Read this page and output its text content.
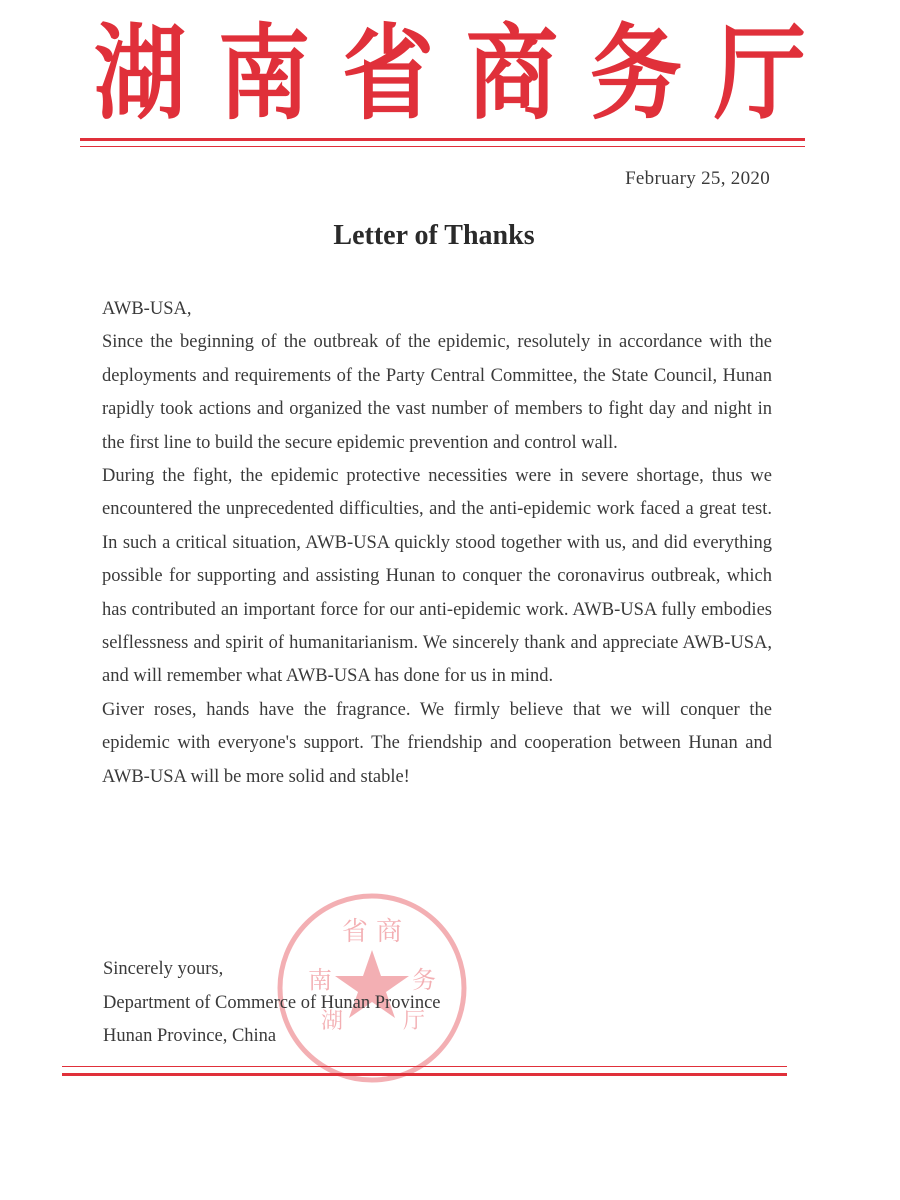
湖 南 省 商 务 厅
February 25, 2020
Letter of Thanks

AWB-USA,

Since the beginning of the outbreak of the epidemic, resolutely in accordance with the deployments and requirements of the Party Central Committee, the State Council, Hunan rapidly took actions and organized the vast number of members to fight day and night in the first line to build the secure epidemic prevention and control wall.

During the fight, the epidemic protective necessities were in severe shortage, thus we encountered the unprecedented difficulties, and the anti-epidemic work faced a great test. In such a critical situation, AWB-USA quickly stood together with us, and did everything possible for supporting and assisting Hunan to conquer the coronavirus outbreak, which has contributed an important force for our anti-epidemic work. AWB-USA fully embodies selflessness and spirit of humanitarianism. We sincerely thank and appreciate AWB-USA, and will remember what AWB-USA has done for us in mind.

Giver roses, hands have the fragrance. We firmly believe that we will conquer the epidemic with everyone's support. The friendship and cooperation between Hunan and AWB-USA will be more solid and stable!

省 商
南	务
湖	厅
Sincerely yours,
Department of Commerce of Hunan Province
Hunan Province, China
